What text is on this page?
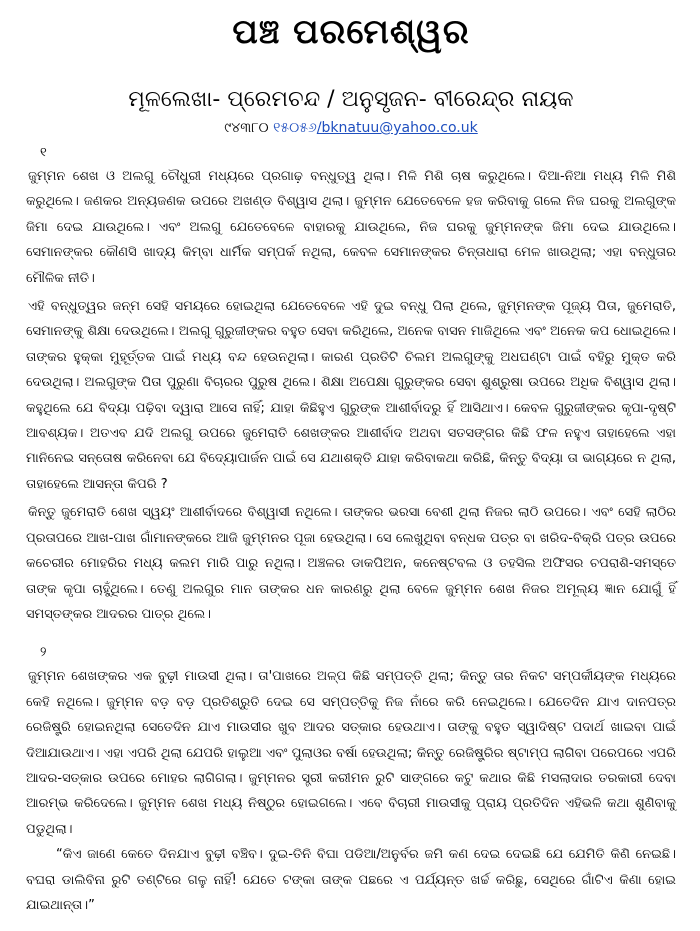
ପଞ୍ଚ ପରମେଶ୍ୱର
ମୂଳଲେଖା- ପ୍ରେମଚନ୍ଦ / ଅନୁସୃଜନ- ବୀରେନ୍ଦ୍ର ନାୟକ
୯୪୩୮୦ ୧୫୦୫୬/bknatuu@yahoo.co.uk
୧

ଜୁମ୍ମନ ଶେଖ ଓ ଅଲଗୁ ଚୌଧୁରୀ ମଧ୍ୟରେ ପ୍ରଗାଢ଼ ବନ୍ଧୁତ୍ୱ ଥିଲା। ମିଳି ମିଶି ଚାଷ କରୁଥିଲେ। ଦିଆ-ନିଆ ମଧ୍ୟ ମିଳି ମିଶି କରୁଥିଲେ। ଜଣକର ଅନ୍ୟଜଣକ ଉପରେ ଅଖଣ୍ଡ ବିଶ୍ୱାସ ଥିଲା। ଜୁମ୍ମନ ଯେତେବେଳେ ହଜ କରିବାକୁ ଗଲେ ନିଜ ଘରକୁ ଅଲଗୁଙ୍କ ଜିମା ଦେଇ ଯାଉଥିଲେ। ଏବଂ ଅଲଗୁ ଯେତେବେଳେ ବାହାରକୁ ଯାଉଥିଲେ, ନିଜ ଘରକୁ ଜୁମ୍ମନଙ୍କ ଜିମା ଦେଇ ଯାଉଥିଲେ। ସେମାନଙ୍କର କୌଣସି ଖାଦ୍ୟ କିମ୍ବା ଧାର୍ମିକ ସମ୍ପର୍କ ନଥିଲା, କେବଳ ସେମାନଙ୍କର ଚିନ୍ତାଧାରା ମେଳ ଖାଉଥିଲା; ଏହା ବନ୍ଧୁତାର ମୌଳିକ ନୀତି।

ଏହି ବନ୍ଧୁତ୍ୱର ଜନ୍ମ ସେହି ସମୟରେ ହୋଇଥିଲା ଯେତେବେଳେ ଏହି ଦୁଇ ବନ୍ଧୁ ପିଲା ଥିଲେ, ଜୁମ୍ମନଙ୍କ ପୂଜ୍ୟ ପିତା, ଜୁମେରାତି, ସେମାନଙ୍କୁ ଶିକ୍ଷା ଦେଉଥିଲେ। ଅଲଗୁ ଗୁରୁଜୀଙ୍କର ବହୁତ ସେବା କରିଥିଲେ, ଅନେକ ବାସନ ମାଜିଥିଲେ ଏବଂ ଅନେକ କପ ଧୋଇଥିଲେ। ତାଙ୍କର ହୁକ୍କା ମୁହୂର୍ତ୍ତକ ପାଇଁ ମଧ୍ୟ ବନ୍ଦ ହେଉନଥିଲା। କାରଣ ପ୍ରତିଟି ଚିଲମ ଅଲଗୁଙ୍କୁ ଅଧଘଣ୍ଟା ପାଇଁ ବହିରୁ ମୁକ୍ତ କରି ଦେଉଥିଲା। ଅଲଗୁଙ୍କ ପିତା ପୁରୁଣା ବିଚାରର ପୁରୁଷ ଥିଲେ। ଶିକ୍ଷା ଅପେକ୍ଷା ଗୁରୁଙ୍କର ସେବା ଶୁଶ୍ରୁଷା ଉପରେ ଅଧିକ ବିଶ୍ୱାସ ଥିଲା। କହୁଥିଲେ ଯେ ବିଦ୍ୟା ପଢ଼ିବା ଦ୍ୱାରା ଆସେ ନାହିଁ; ଯାହା କିଛିହୁଏ ଗୁରୁଙ୍କ ଆଶୀର୍ବାଦରୁ ହିଁ ଆସିଥାଏ। କେବଳ ଗୁରୁଜୀଙ୍କର କୃପା-ଦୃଷ୍ଟି ଆବଶ୍ୟକ। ଅତଏବ ଯଦି ଅଲଗୁ ଉପରେ ଜୁମେରାତି ଶେଖଙ୍କର ଆଶୀର୍ବାଦ ଅଥବା ସତସଙ୍ଗର କିଛି ଫଳ ନହୁଏ ତାହାହେଲେ ଏହା ମାନିନେଇ ସନ୍ତୋଷ କରିନେବା ଯେ ବିଦ୍ୟୋପାର୍ଜନ ପାଇଁ ସେ ଯଥାଶକ୍ତି ଯାହା କରିବାକଥା କରିଛି, କିନ୍ତୁ ବିଦ୍ୟା ତା ଭାଗ୍ୟରେ ନ ଥିଲା, ତାହାହେଲେ ଆସନ୍ତା କିପରି ?

କିନ୍ତୁ ଜୁମେରାତି ଶେଖ ସ୍ୱୟଂ ଆଶୀର୍ବାଦରେ ବିଶ୍ୱାସୀ ନଥିଲେ। ତାଙ୍କର ଭରସା ବେଶୀ ଥିଲା ନିଜର ଲାଠି ଉପରେ। ଏବଂ ସେହି ଲାଠିର ପ୍ରତାପରେ ଆଖ-ପାଖ ଗାଁମାନଙ୍କରେ ଆଜି ଜୁମ୍ମନର ପୂଜା ହେଉଥିଲା। ସେ ଲେଖୁଥିବା ବନ୍ଧକ ପତ୍ର ବା ଖରିଦ-ବିକ୍ରି ପତ୍ର ଉପରେ କଚେରୀର ମୋହରିର ମଧ୍ୟ କଲମ ମାରି ପାରୁ ନଥିଲା। ଅଞ୍ଚଳର ଡାକପିଅନ, କନେଷ୍ଟବଲ ଓ ତହସିଲ ଅଫିସର ଚପରାଶି-ସମସ୍ତେ ତାଙ୍କ କୃପା ଚାହୁଁଥିଲେ। ତେଣୁ ଅଲଗୁର ମାନ ତାଙ୍କର ଧନ କାରଣରୁ ଥିଲା ବେଳେ ଜୁମ୍ମନ ଶେଖ ନିଜର ଅମୂଲ୍ୟ ଜ୍ଞାନ ଯୋଗୁଁ ହିଁ ସମସ୍ତଙ୍କର ଆଦରର ପାତ୍ର ଥିଲେ।

୨

ଜୁମ୍ମନ ଶେଖଙ୍କର ଏକ ବୁଢ଼ୀ ମାଉସୀ ଥିଲା। ତା'ପାଖରେ ଅଳ୍ପ କିଛି ସମ୍ପତ୍ତି ଥିଲା; କିନ୍ତୁ ତାର ନିକଟ ସମ୍ପର୍କୀୟଙ୍କ ମଧ୍ୟରେ କେହି ନଥିଲେ। ଜୁମ୍ମନ ବଡ଼ ବଡ଼ ପ୍ରତିଶ୍ରୁତି ଦେଇ ସେ ସମ୍ପତ୍ତିକୁ ନିଜ ନାଁରେ କରି ନେଇଥିଲେ। ଯେତେଦିନ ଯାଏ ଦାନପତ୍ର ରେଜିଷ୍ଟ୍ରି ହୋଇନଥିଲା ସେତେଦିନ ଯାଏ ମାଉସୀର ଖୁବ ଆଦର ସତ୍କାର ହେଉଥାଏ। ତାଙ୍କୁ ବହୁତ ସ୍ୱାଦିଷ୍ଟ ପଦାର୍ଥ ଖାଇବା ପାଇଁ ଦିଆଯାଉଥାଏ। ଏହା ଏପରି ଥିଲା ଯେପରି ହାଲୁଆ ଏବଂ ପୁଲାଓର ବର୍ଷା ହେଉଥିଲା; କିନ୍ତୁ ରେଜିଷ୍ଟ୍ରିର ଷ୍ଟାମ୍ପ ଲାଗିବା ପରେପରେ ଏପରି ଆଦର-ସତ୍କାର ଉପରେ ମୋହର ଲାଗିଗଲା। ଜୁମ୍ମନର ସ୍ତ୍ରୀ କରୀମନ ରୁଟି ସାଙ୍ଗରେ କଟୁ କଥାର କିଛି ମସଲାଦାର ତରକାରୀ ଦେବା ଆରମ୍ଭ କରିଦେଲେ। ଜୁମ୍ମନ ଶେଖ ମଧ୍ୟ ନିଷ୍ଠୁର ହୋଇଗଲେ। ଏବେ ବିଚାରୀ ମାଉସୀକୁ ପ୍ରାୟ ପ୍ରତିଦିନ ଏହିଭଳି କଥା ଶୁଣିବାକୁ ପଡୁଥିଲା।

“କିଏ ଜାଣେ କେତେ ଦିନଯାଏ ବୁଢ଼ୀ ବଞ୍ଚିବ। ଦୁଇ-ତିନି ବିଘା ପଡିଆ/ଅନୁର୍ବର ଜମି କଣ ଦେଇ ଦେଇଛି ଯେ ଯେମିତି କିଣି ନେଇଛି। ବଘରା ଡାଲିବିନା ରୁଟି ତଣ୍ଟିରେ ଗଳୁ ନାହିଁ! ଯେତେ ଟଙ୍କା ତାଙ୍କ ପଛରେ ଏ ପର୍ଯ୍ୟନ୍ତ ଖର୍ଚ୍ଚ କରିଛୁ, ସେଥିରେ ଗାଁଟିଏ କିଣା ହୋଇ ଯାଇଥାନ୍ତା।”
